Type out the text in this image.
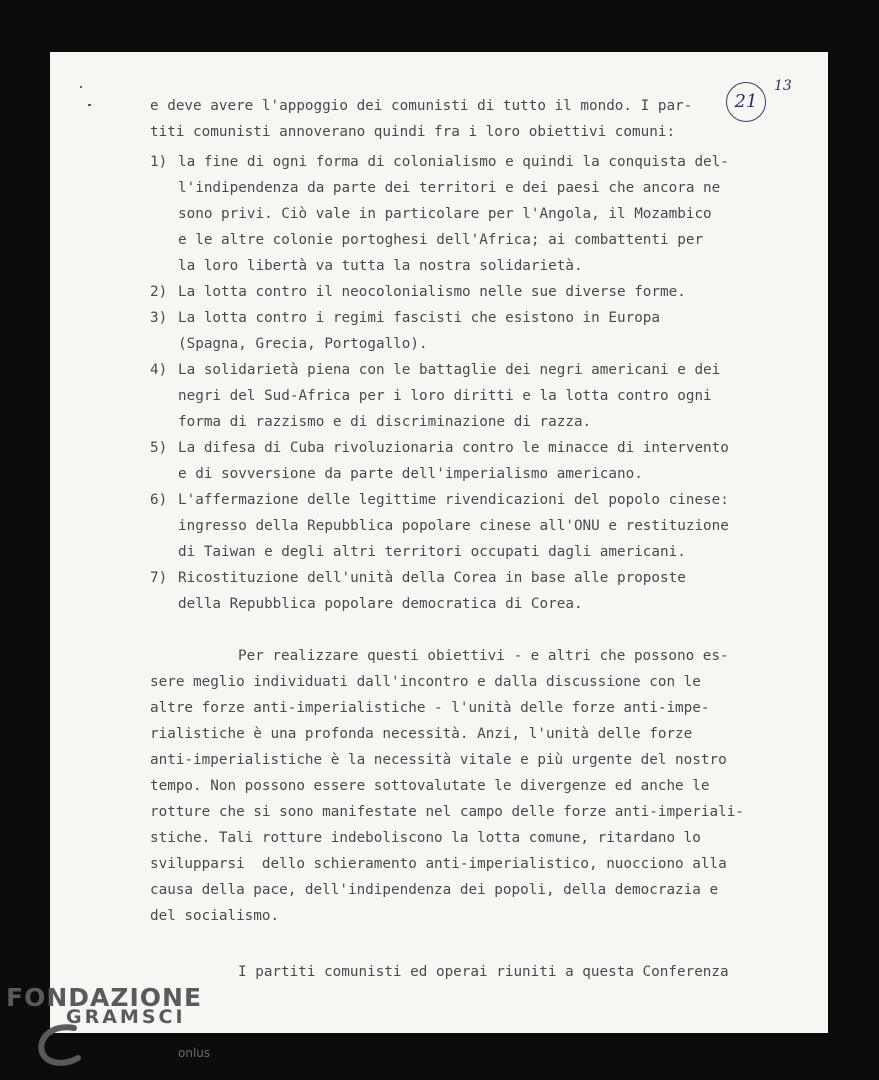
21
13
e deve avere l'appoggio dei comunisti di tutto il mondo. I par-
titi comunisti annoverano quindi fra i loro obiettivi comuni:
1) la fine di ogni forma di colonialismo e quindi la conquista del-
l'indipendenza da parte dei territori e dei paesi che ancora ne
sono privi. Ciò vale in particolare per l'Angola, il Mozambico
e le altre colonie portoghesi dell'Africa; ai combattenti per
la loro libertà va tutta la nostra solidarietà.
2) La lotta contro il neocolonialismo nelle sue diverse forme.
3) La lotta contro i regimi fascisti che esistono in Europa
(Spagna, Grecia, Portogallo).
4) La solidarietà piena con le battaglie dei negri americani e dei
negri del Sud-Africa per i loro diritti e la lotta contro ogni
forma di razzismo e di discriminazione di razza.
5) La difesa di Cuba rivoluzionaria contro le minacce di intervento
e di sovversione da parte dell'imperialismo americano.
6) L'affermazione delle legittime rivendicazioni del popolo cinese:
ingresso della Repubblica popolare cinese all'ONU e restituzione
di Taiwan e degli altri territori occupati dagli americani.
7) Ricostituzione dell'unità della Corea in base alle proposte
della Repubblica popolare democratica di Corea.
Per realizzare questi obiettivi - e altri che possono es-
sere meglio individuati dall'incontro e dalla discussione con le
altre forze anti-imperialistiche - l'unità delle forze anti-impe-
rialistiche è una profonda necessità. Anzi, l'unità delle forze
anti-imperialistiche è la necessità vitale e più urgente del nostro
tempo. Non possono essere sottovalutate le divergenze ed anche le
rotture che si sono manifestate nel campo delle forze anti-imperiali-
stiche. Tali rotture indeboliscono la lotta comune, ritardano lo
svilupparsi  dello schieramento anti-imperialistico, nuocciono alla
causa della pace, dell'indipendenza dei popoli, della democrazia e
del socialismo.
I partiti comunisti ed operai riuniti a questa Conferenza
FONDAZIONE
GRAMSCI
onlus
